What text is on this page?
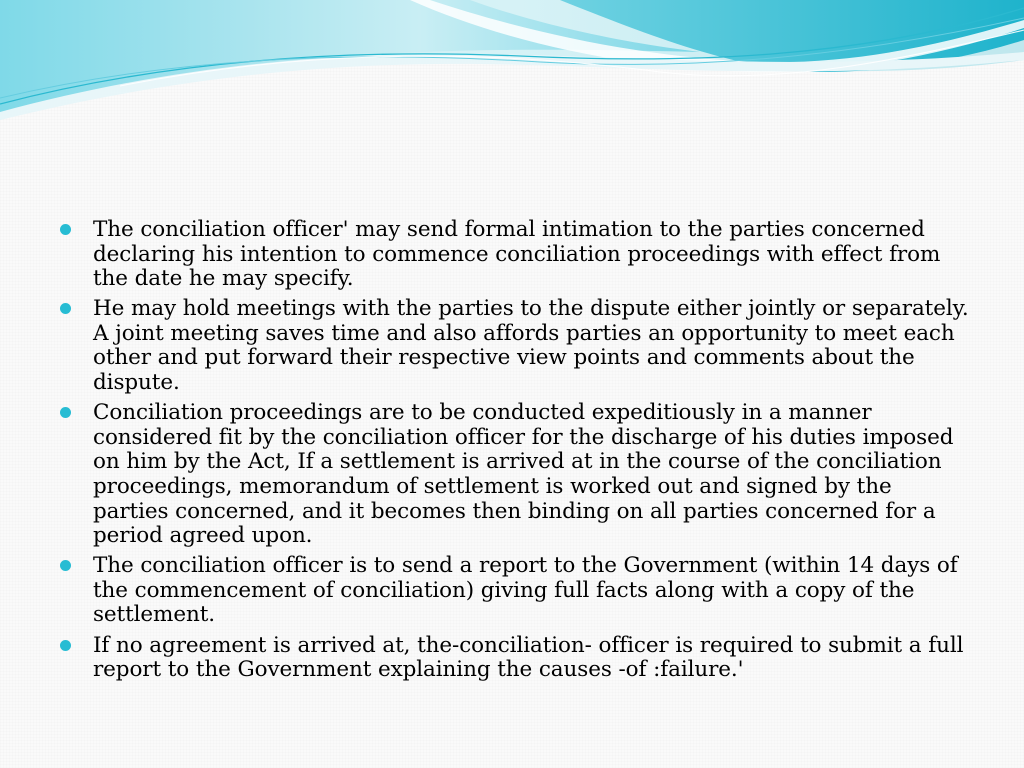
The conciliation officer' may send formal intimation to the parties concerned declaring his intention to commence conciliation proceedings with effect from the date he may specify.
He may hold meetings with the parties to the dispute either jointly or separately. A joint meeting saves time and also affords parties an opportunity to meet each other and put forward their respective view points and comments about the dispute.
Conciliation proceedings are to be conducted expeditiously in a manner considered fit by the conciliation officer for the discharge of his duties imposed on him by the Act, If a settlement is arrived at in the course of the conciliation proceedings, memorandum of settlement is worked out and signed by the parties concerned, and it becomes then binding on all parties concerned for a period agreed upon.
The conciliation officer is to send a report to the Government (within 14 days of the commencement of conciliation) giving full facts along with a copy of the settlement.
If no agreement is arrived at, the-conciliation- officer is required to submit a full report to the Government explaining the causes -of :failure.'
